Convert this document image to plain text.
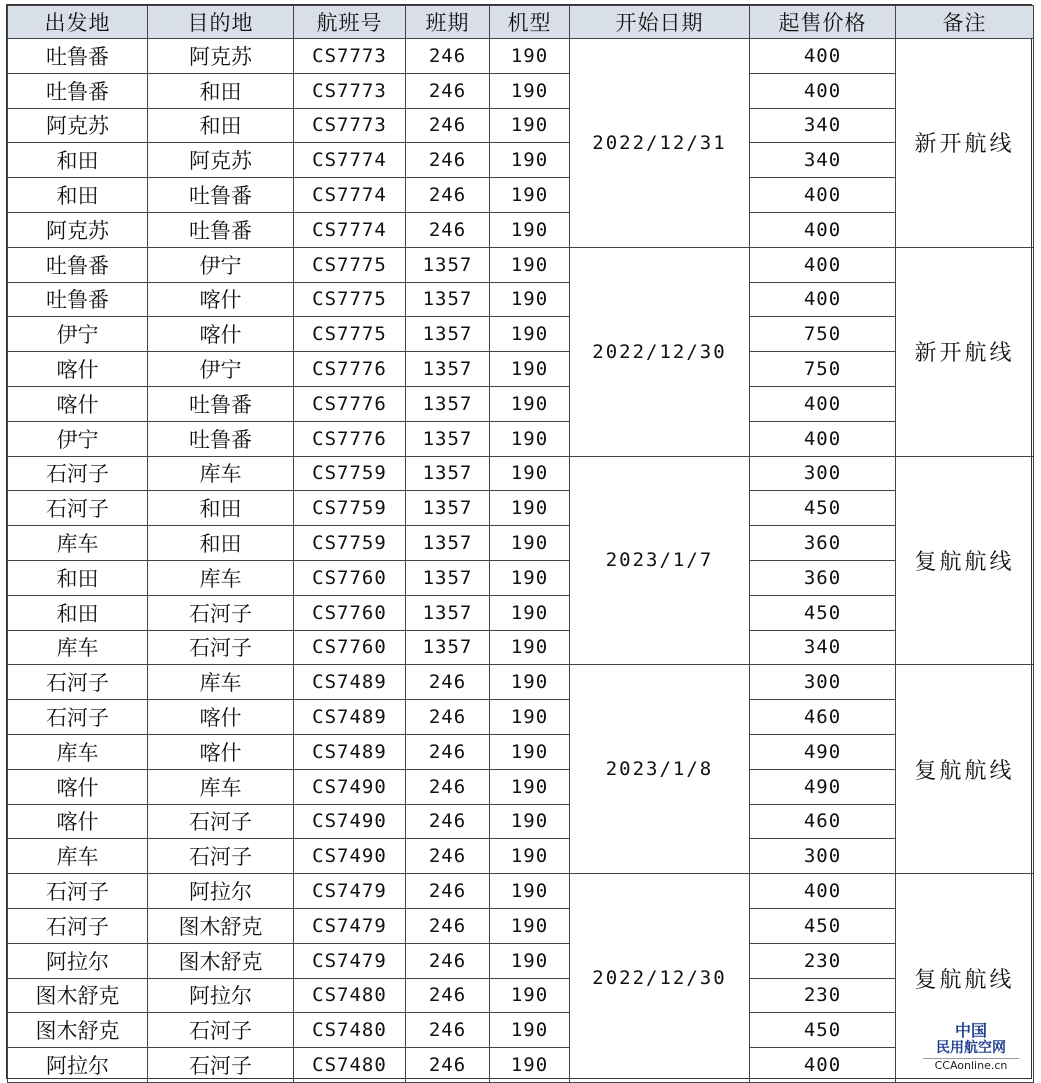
出发地	目的地	航班号	班期	机型	开始日期	起售价格	备注
吐鲁番	阿克苏	CS7773	246	190	2022/12/31	400	新开航线
吐鲁番	和田	CS7773	246	190		400	
阿克苏	和田	CS7773	246	190		340	
和田	阿克苏	CS7774	246	190		340	
和田	吐鲁番	CS7774	246	190		400	
阿克苏	吐鲁番	CS7774	246	190		400	
吐鲁番	伊宁	CS7775	1357	190	2022/12/30	400	新开航线
吐鲁番	喀什	CS7775	1357	190		400	
伊宁	喀什	CS7775	1357	190		750	
喀什	伊宁	CS7776	1357	190		750	
喀什	吐鲁番	CS7776	1357	190		400	
伊宁	吐鲁番	CS7776	1357	190		400	
石河子	库车	CS7759	1357	190	2023/1/7	300	复航航线
石河子	和田	CS7759	1357	190		450	
库车	和田	CS7759	1357	190		360	
和田	库车	CS7760	1357	190		360	
和田	石河子	CS7760	1357	190		450	
库车	石河子	CS7760	1357	190		340	
石河子	库车	CS7489	246	190	2023/1/8	300	复航航线
石河子	喀什	CS7489	246	190		460	
库车	喀什	CS7489	246	190		490	
喀什	库车	CS7490	246	190		490	
喀什	石河子	CS7490	246	190		460	
库车	石河子	CS7490	246	190		300	
石河子	阿拉尔	CS7479	246	190	2022/12/30	400	复航航线
石河子	图木舒克	CS7479	246	190		450	
阿拉尔	图木舒克	CS7479	246	190		230	
图木舒克	阿拉尔	CS7480	246	190		230	
图木舒克	石河子	CS7480	246	190		450	
阿拉尔	石河子	CS7480	246	190		400	
中国
民用航空网
CCAonline.cn
